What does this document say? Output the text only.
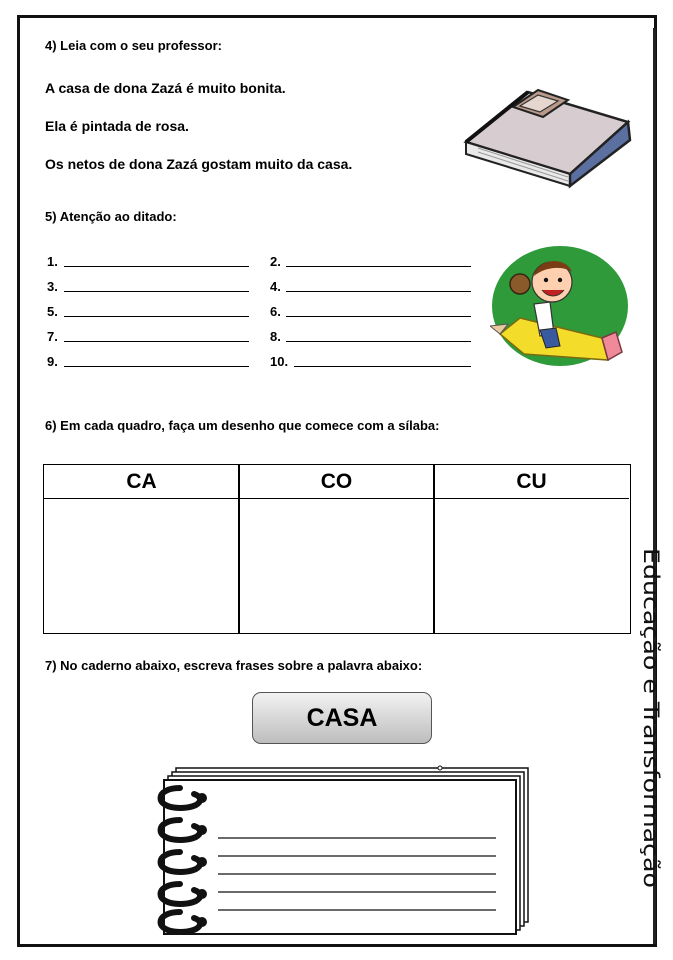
4) Leia com o seu professor:
A casa de dona Zazá é muito bonita.
Ela é pintada de rosa.
Os netos de dona Zazá gostam muito da casa.
5) Atenção ao ditado:
1.	2.
3.	4.
5.	6.
7.	8.
9.	10.
6) Em cada quadro, faça um desenho que comece com a sílaba:
CA	CO	CU
7) No caderno abaixo, escreva frases sobre a palavra abaixo:
CASA	Educação e Transformação
